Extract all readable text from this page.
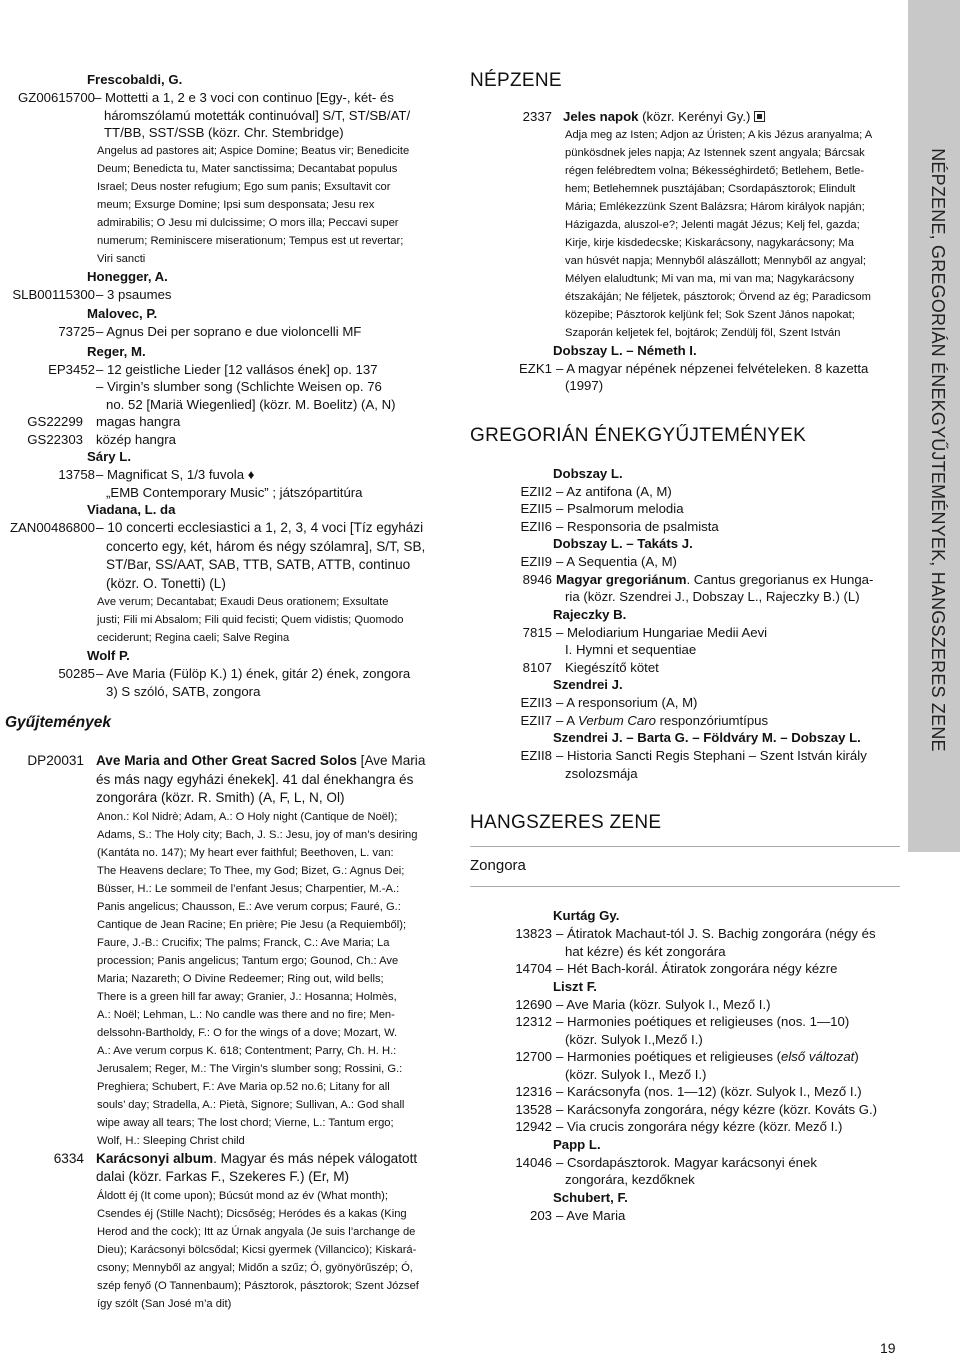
NÉPZENE, GREGORIÁN ÉNEKGYŰJTEMÉNYEK, HANGSZERES ZENE
Frescobaldi, G.
GZ00615700 – Mottetti a 1, 2 e 3 voci con continuo [Egy-, két- és
háromszólamú motetták continuóval] S/T, ST/SB/AT/
TT/BB, SST/SSB (közr. Chr. Stembridge)
Angelus ad pastores ait; Aspice Domine; Beatus vir; Benedicite
Deum; Benedicta tu, Mater sanctissima; Decantabat populus
Israel; Deus noster refugium; Ego sum panis; Exsultavit cor
meum; Exsurge Domine; Ipsi sum desponsata; Jesu rex
admirabilis; O Jesu mi dulcissime; O mors illa; Peccavi super
numerum; Reminiscere miserationum; Tempus est ut revertar;
Viri sancti
Honegger, A.
SLB00115300 – 3 psaumes
Malovec, P.
73725 – Agnus Dei per soprano e due violoncelli MF
Reger, M.
EP3452 – 12 geistliche Lieder [12 vallásos ének] op. 137
– Virgin’s slumber song (Schlichte Weisen op. 76
no. 52 [Mariä Wiegenlied] (közr. M. Boelitz) (A, N)
GS22299 magas hangra
GS22303 közép hangra
Sáry L.
13758 – Magnificat S, 1/3 fuvola ♦
„EMB Contemporary Music” ; játszópartitúra
Viadana, L. da
ZAN00486800 – 10 concerti ecclesiastici a 1, 2, 3, 4 voci [Tíz egyházi
concerto egy, két, három és négy szólamra], S/T, SB,
ST/Bar, SS/AAT, SAB, TTB, SATB, ATTB, continuo
(közr. O. Tonetti) (L)
Ave verum; Decantabat; Exaudi Deus orationem; Exsultate
justi; Fili mi Absalom; Fili quid fecisti; Quem vidistis; Quomodo
ceciderunt; Regina caeli; Salve Regina
Wolf P.
50285 – Ave Maria (Fülöp K.) 1) ének, gitár 2) ének, zongora
3) S szóló, SATB, zongora
Gyűjtemények
DP20031 Ave Maria and Other Great Sacred Solos [Ave Maria
és más nagy egyházi énekek]. 41 dal énekhangra és
zongorára (közr. R. Smith) (A, F, L, N, Ol)
Anon.: Kol Nidrè; Adam, A.: O Holy night (Cantique de Noël);
Adams, S.: The Holy city; Bach, J. S.: Jesu, joy of man’s desiring
(Kantáta no. 147); My heart ever faithful; Beethoven, L. van:
The Heavens declare; To Thee, my God; Bizet, G.: Agnus Dei;
Büsser, H.: Le sommeil de l’enfant Jesus; Charpentier, M.-A.:
Panis angelicus; Chausson, E.: Ave verum corpus; Fauré, G.:
Cantique de Jean Racine; En prière; Pie Jesu (a Requiemből);
Faure, J.-B.: Crucifix; The palms; Franck, C.: Ave Maria; La
procession; Panis angelicus; Tantum ergo; Gounod, Ch.: Ave
Maria; Nazareth; O Divine Redeemer; Ring out, wild bells;
There is a green hill far away; Granier, J.: Hosanna; Holmès,
A.: Noël; Lehman, L.: No candle was there and no fire; Men-
delssohn-Bartholdy, F.: O for the wings of a dove; Mozart, W.
A.: Ave verum corpus K. 618; Contentment; Parry, Ch. H. H.:
Jerusalem; Reger, M.: The Virgin’s slumber song; Rossini, G.:
Preghiera; Schubert, F.: Ave Maria op.52 no.6; Litany for all
souls’ day; Stradella, A.: Pietà, Signore; Sullivan, A.: God shall
wipe away all tears; The lost chord; Vierne, L.: Tantum ergo;
Wolf, H.: Sleeping Christ child
6334 Karácsonyi album. Magyar és más népek válogatott
dalai (közr. Farkas F., Szekeres F.) (Er, M)
Áldott éj (It come upon); Búcsút mond az év (What month);
Csendes éj (Stille Nacht); Dicsőség; Heródes és a kakas (King
Herod and the cock); Itt az Úrnak angyala (Je suis l’archange de
Dieu); Karácsonyi bölcsődal; Kicsi gyermek (Villancico); Kiskará-
csony; Mennyből az angyal; Midőn a szűz; Ó, gyönyörűszép; Ó,
szép fenyő (O Tannenbaum); Pásztorok, pásztorok; Szent József
így szólt (San José m’a dit)
NÉPZENE
2337 Jeles napok (közr. Kerényi Gy.)
Adja meg az Isten; Adjon az Úristen; A kis Jézus aranyalma; A
pünkösdnek jeles napja; Az Istennek szent angyala; Bárcsak
régen felébredtem volna; Békességhirdető; Betlehem, Betle-
hem; Betlehemnek pusztájában; Csordapásztorok; Elindult
Mária; Emlékezzünk Szent Balázsra; Három királyok napján;
Házigazda, aluszol-e?; Jelenti magát Jézus; Kelj fel, gazda;
Kirje, kirje kisdedecske; Kiskarácsony, nagykarácsony; Ma
van húsvét napja; Mennyből alászállott; Mennyből az angyal;
Mélyen elaludtunk; Mi van ma, mi van ma; Nagykarácsony
étszakáján; Ne féljetek, pásztorok; Örvend az ég; Paradicsom
közepibe; Pásztorok keljünk fel; Sok Szent János napokat;
Szaporán keljetek fel, bojtárok; Zendülj föl, Szent István
Dobszay L. – Németh I.
EZK1 – A magyar népének népzenei felvételeken. 8 kazetta
(1997)
GREGORIÁN ÉNEKGYŰJTEMÉNYEK
Dobszay L.
EZII2 – Az antifona (A, M)
EZII5 – Psalmorum melodia
EZII6 – Responsoria de psalmista
Dobszay L. – Takáts J.
EZII9 – A Sequentia (A, M)
8946 Magyar gregoriánum. Cantus gregorianus ex Hunga-
ria (közr. Szendrei J., Dobszay L., Rajeczky B.) (L)
Rajeczky B.
7815 – Melodiarium Hungariae Medii Aevi
I. Hymni et sequentiae
8107 Kiegészítő kötet
Szendrei J.
EZII3 – A responsorium (A, M)
EZII7 – A Verbum Caro responzóriumtípus
Szendrei J. – Barta G. – Földváry M. – Dobszay L.
EZII8 – Historia Sancti Regis Stephani – Szent István király
zsolozsmája
HANGSZERES ZENE
Zongora
Kurtág Gy.
13823 – Átiratok Machaut-tól J. S. Bachig zongorára (négy és
hat kézre) és két zongorára
14704 – Hét Bach-korál. Átiratok zongorára négy kézre
Liszt F.
12690 – Ave Maria (közr. Sulyok I., Mező I.)
12312 – Harmonies poétiques et religieuses (nos. 1—10)
(közr. Sulyok I.,Mező I.)
12700 – Harmonies poétiques et religieuses (első változat)
(közr. Sulyok I., Mező I.)
12316 – Karácsonyfa (nos. 1—12) (közr. Sulyok I., Mező I.)
13528 – Karácsonyfa zongorára, négy kézre (közr. Kováts G.)
12942 – Via crucis zongorára négy kézre (közr. Mező I.)
Papp L.
14046 – Csordapásztorok. Magyar karácsonyi ének
zongorára, kezdőknek
Schubert, F.
203 – Ave Maria
19
